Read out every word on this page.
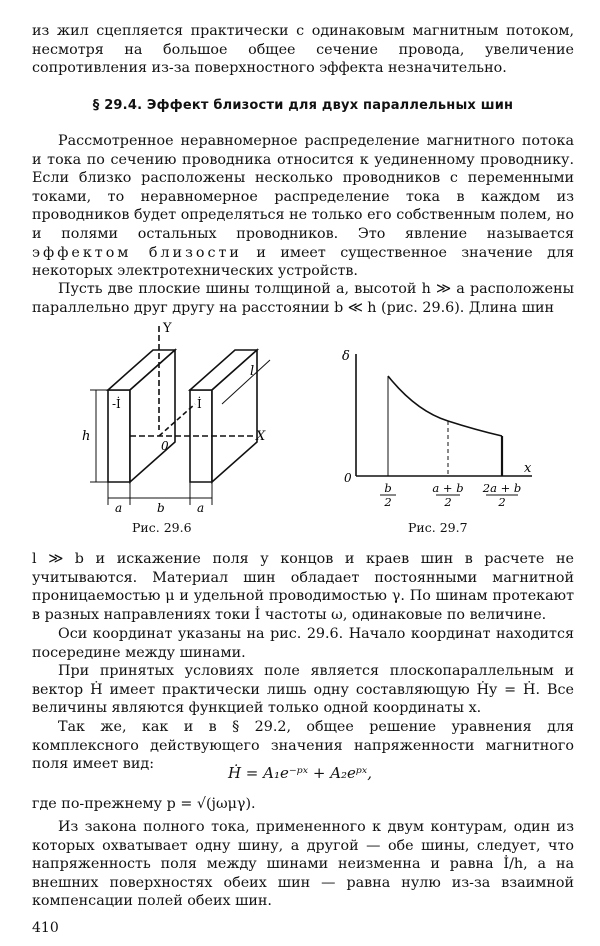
из жил сцепляется практически с одинаковым магнитным потоком, несмотря на большое общее сечение провода, увеличение сопротивления из-за поверхностного эффекта незначительно.

§ 29.4. Эффект близости для двух параллельных шин

Рассмотренное неравномерное распределение магнитного потока и тока по сечению проводника относится к уединенному проводнику. Если близко расположены несколько проводников с переменными токами, то неравномерное распределение тока в каждом из проводников будет определяться не только его собственным полем, но и полями остальных проводников. Это явление называется эффектом близости и имеет существенное значение для некоторых электротехнических устройств.

Пусть две плоские шины толщиной a, высотой h ≫ a расположены параллельно друг другу на расстоянии b ≪ h (рис. 29.6). Длина шин

Y
X
0
h
l
-İ	İ
a	b	a
Рис. 29.6
δ
x
0
b
2
a + b
2
2a + b
2
Рис. 29.7

l ≫ b и искажение поля у концов и краев шин в расчете не учитываются. Материал шин обладает постоянными магнитной проницаемостью μ и удельной проводимостью γ. По шинам протекают в разных направлениях токи İ частоты ω, одинаковые по величине.

Оси координат указаны на рис. 29.6. Начало координат находится посередине между шинами.

При принятых условиях поле является плоскопараллельным и вектор Ḣ имеет практически лишь одну составляющую Ḣy = Ḣ. Все величины являются функцией только одной координаты x.

Так же, как и в § 29.2, общее решение уравнения для комплексного действующего значения напряженности магнитного поля имеет вид:	Ḣ = A₁e⁻ᵖˣ + A₂eᵖˣ,

где по-прежнему p = √(jωμγ).

Из закона полного тока, примененного к двум контурам, один из которых охватывает одну шину, а другой — обе шины, следует, что напряженность поля между шинами неизменна и равна İ/h, а на внешних поверхностях обеих шин — равна нулю из-за взаимной компенсации полей обеих шин.

410
